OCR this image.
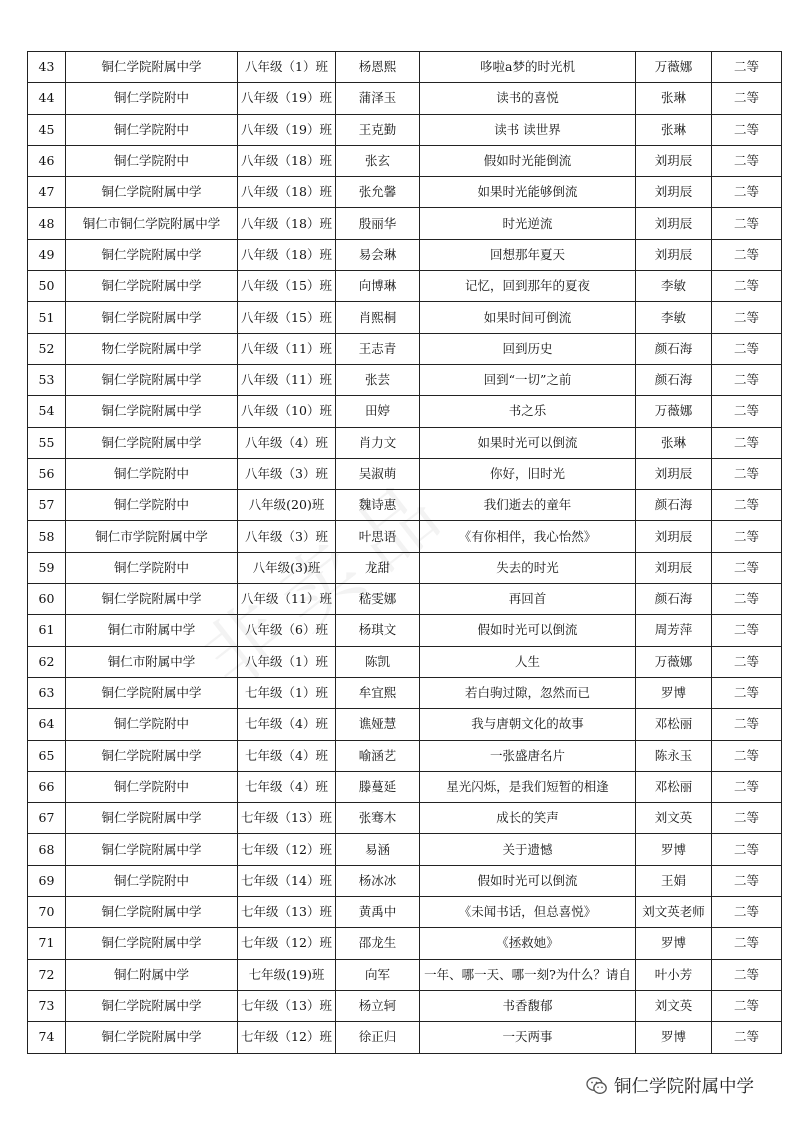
43	铜仁学院附属中学	八年级（1）班	杨恩熙	哆啦a梦的时光机	万薇娜	二等
44	铜仁学院附中	八年级（19）班	蒲泽玉	读书的喜悦	张琳	二等
45	铜仁学院附中	八年级（19）班	王克勤	读书 读世界	张琳	二等
46	铜仁学院附中	八年级（18）班	张玄	假如时光能倒流	刘玥辰	二等
47	铜仁学院附属中学	八年级（18）班	张允馨	如果时光能够倒流	刘玥辰	二等
48	铜仁市铜仁学院附属中学	八年级（18）班	殷丽华	时光逆流	刘玥辰	二等
49	铜仁学院附属中学	八年级（18）班	易会琳	回想那年夏天	刘玥辰	二等
50	铜仁学院附属中学	八年级（15）班	向博琳	记忆，回到那年的夏夜	李敏	二等
51	铜仁学院附属中学	八年级（15）班	肖熙桐	如果时间可倒流	李敏	二等
52	物仁学院附属中学	八年级（11）班	王志青	回到历史	颜石海	二等
53	铜仁学院附属中学	八年级（11）班	张芸	回到“一切”之前	颜石海	二等
54	铜仁学院附属中学	八年级（10）班	田婷	书之乐	万薇娜	二等
55	铜仁学院附属中学	八年级（4）班	肖力文	如果时光可以倒流	张琳	二等
56	铜仁学院附中	八年级（3）班	吴淑萌	你好，旧时光	刘玥辰	二等
57	铜仁学院附中	八年级(20)班	魏诗惠	我们逝去的童年	颜石海	二等
58	铜仁市学院附属中学	八年级（3）班	叶思语	《有你相伴，我心怡然》	刘玥辰	二等
59	铜仁学院附中	八年级(3)班	龙甜	失去的时光	刘玥辰	二等
60	铜仁学院附属中学	八年级（11）班	嵇雯娜	再回首	颜石海	二等
61	铜仁市附属中学	八年级（6）班	杨琪文	假如时光可以倒流	周芳萍	二等
62	铜仁市附属中学	八年级（1）班	陈凯	人生	万薇娜	二等
63	铜仁学院附属中学	七年级（1）班	牟宜熙	若白驹过隙，忽然而已	罗博	二等
64	铜仁学院附中	七年级（4）班	谯娅慧	我与唐朝文化的故事	邓松丽	二等
65	铜仁学院附属中学	七年级（4）班	喻涵艺	一张盛唐名片	陈永玉	二等
66	铜仁学院附中	七年级（4）班	滕蔓延	星光闪烁，是我们短暂的相逢	邓松丽	二等
67	铜仁学院附属中学	七年级（13）班	张骞木	成长的笑声	刘文英	二等
68	铜仁学院附属中学	七年级（12）班	易涵	关于遗憾	罗博	二等
69	铜仁学院附中	七年级（14）班	杨冰冰	假如时光可以倒流	王娟	二等
70	铜仁学院附属中学	七年级（13）班	黄禹中	《未闻书话，但总喜悦》	刘文英老师	二等
71	铜仁学院附属中学	七年级（12）班	邵龙生	《拯救她》	罗博	二等
72	铜仁附属中学	七年级(19)班	向军	一年、哪一天、哪一刻?为什么？请自	叶小芳	二等
73	铜仁学院附属中学	七年级（13）班	杨立轲	书香馥郁	刘文英	二等
74	铜仁学院附属中学	七年级（12）班	徐正归	一天两事	罗博	二等
铜仁学院附属中学
